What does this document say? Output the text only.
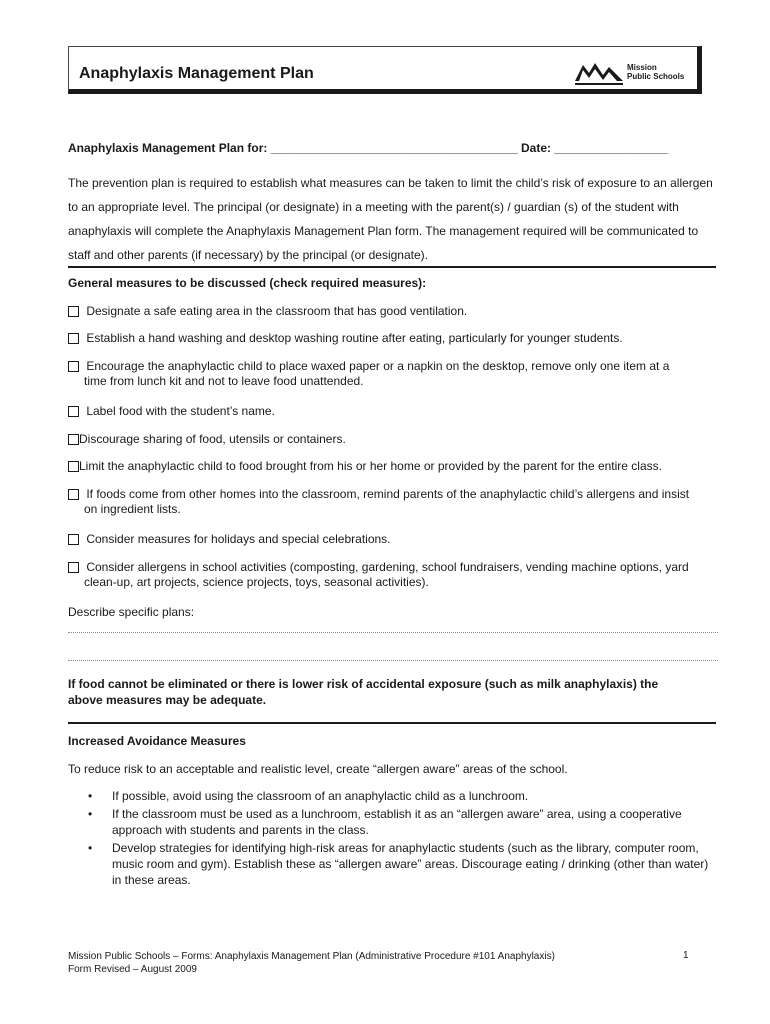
Anaphylaxis Management Plan	Mission
Public Schools
Anaphylaxis Management Plan for: _____________________________________ Date: _________________
The prevention plan is required to establish what measures can be taken to limit the child’s risk of exposure to an allergen to an appropriate level. The principal (or designate) in a meeting with the parent(s) / guardian (s) of the student with anaphylaxis will complete the Anaphylaxis Management Plan form. The management required will be communicated to staff and other parents (if necessary) by the principal (or designate).
General measures to be discussed (check required measures):
Designate a safe eating area in the classroom that has good ventilation.
Establish a hand washing and desktop washing routine after eating, particularly for younger students.
Encourage the anaphylactic child to place waxed paper or a napkin on the desktop, remove only one item at a
time from lunch kit and not to leave food unattended.
Label food with the student’s name.
Discourage sharing of food, utensils or containers.
Limit the anaphylactic child to food brought from his or her home or provided by the parent for the entire class.
If foods come from other homes into the classroom, remind parents of the anaphylactic child’s allergens and insist
on ingredient lists.
Consider measures for holidays and special celebrations.
Consider allergens in school activities (composting, gardening, school fundraisers, vending machine options, yard
clean-up, art projects, science projects, toys, seasonal activities).
Describe specific plans:
If food cannot be eliminated or there is lower risk of accidental exposure (such as milk anaphylaxis) the
above measures may be adequate.
Increased Avoidance Measures
To reduce risk to an acceptable and realistic level, create “allergen aware” areas of the school.
• If possible, avoid using the classroom of an anaphylactic child as a lunchroom.
• If the classroom must be used as a lunchroom, establish it as an “allergen aware” area, using a cooperative approach with students and parents in the class.
• Develop strategies for identifying high-risk areas for anaphylactic students (such as the library, computer room, music room and gym). Establish these as “allergen aware” areas. Discourage eating / drinking (other than water) in these areas.
Mission Public Schools – Forms: Anaphylaxis Management Plan (Administrative Procedure #101 Anaphylaxis)
Form Revised – August 2009
1
